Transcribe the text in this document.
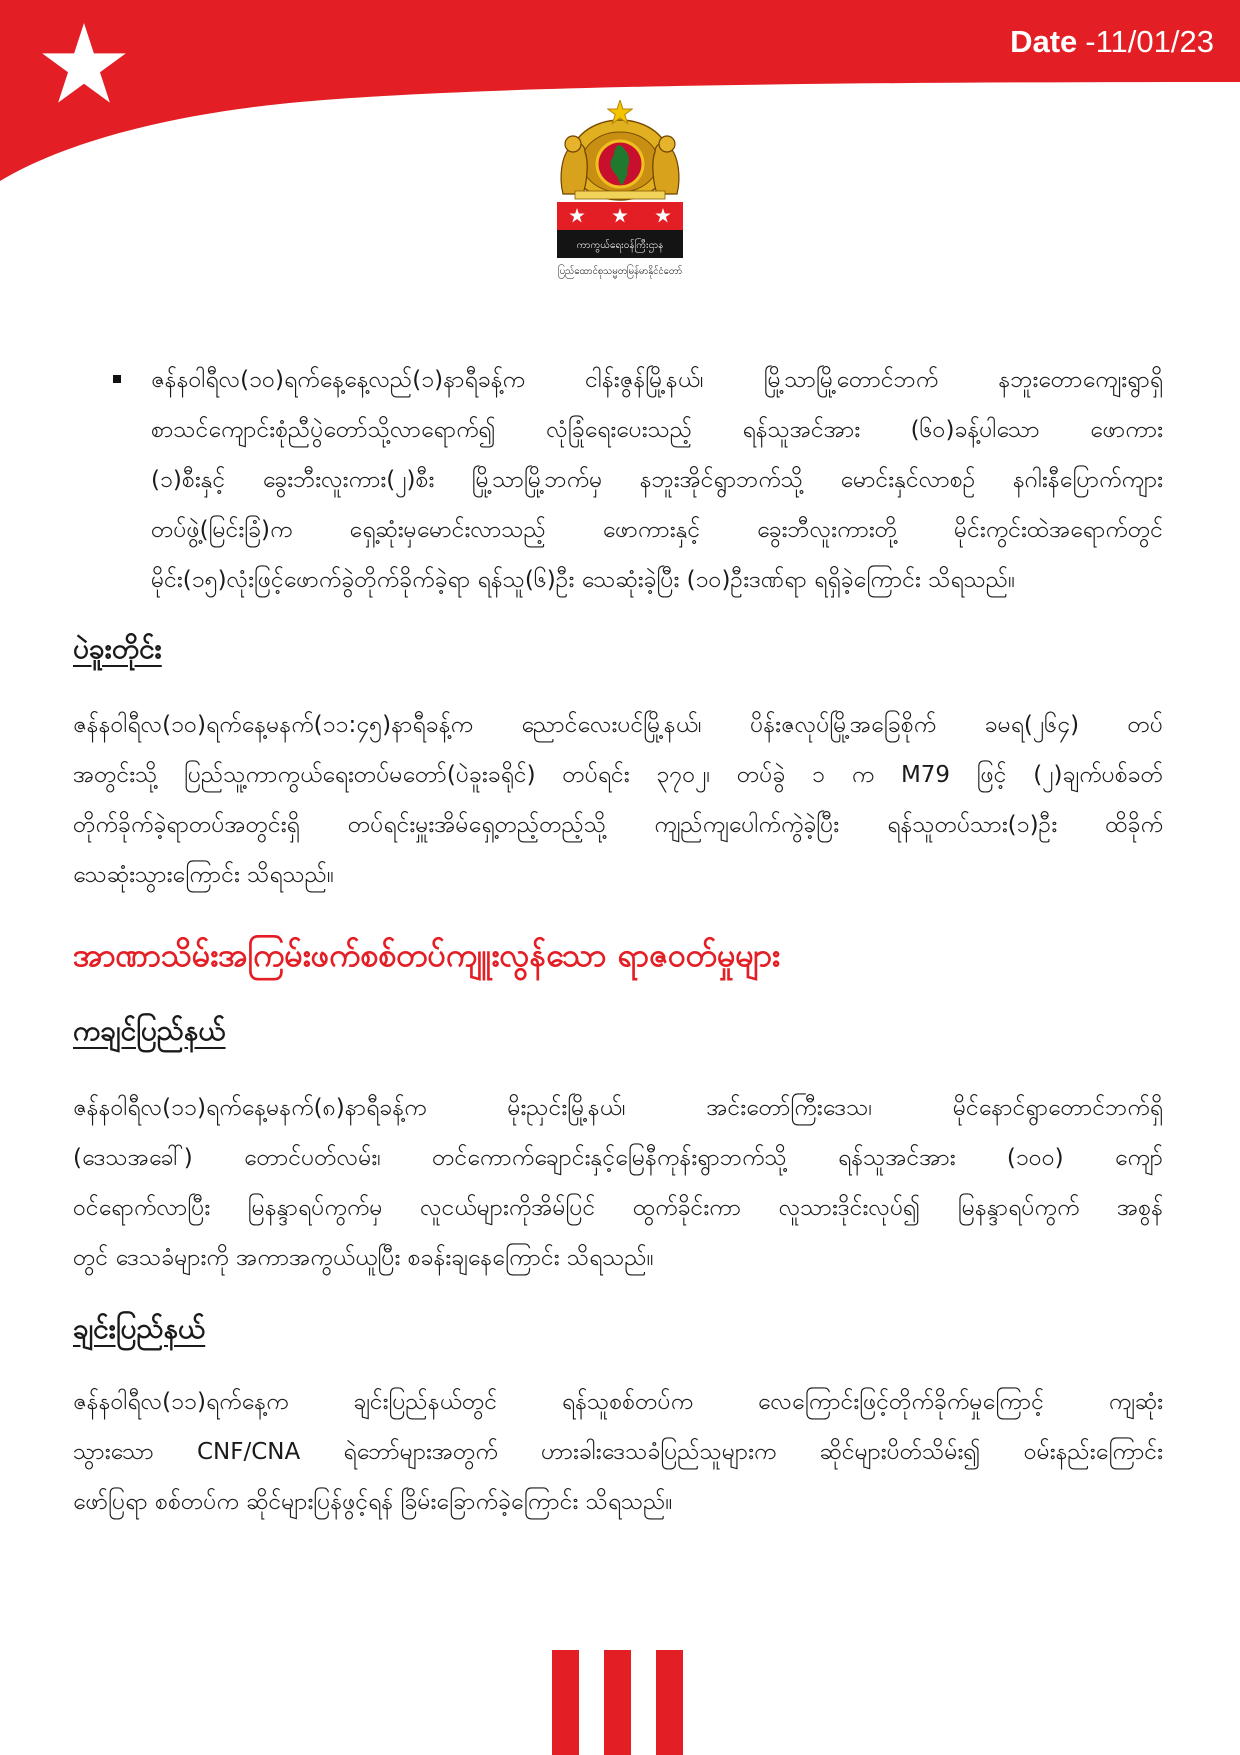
Date -11/01/23
ကာကွယ်ရေးဝန်ကြီးဌာန
ပြည်ထောင်စုသမ္မတမြန်မာနိုင်ငံတော်
ဇန်နဝါရီလ(၁၀)ရက်နေ့နေ့လည်(၁)နာရီခန့်က ငါန်းဇွန်မြို့နယ်၊ မြို့သာမြို့တောင်ဘက် နဘူးတောကျေးရွာရှိ
စာသင်ကျောင်းစုံညီပွဲတော်သို့လာရောက်၍ လုံခြုံရေးပေးသည့် ရန်သူအင်အား (၆၀)ခန့်ပါသော ဖောကား
(၁)စီးနှင့် ခွေးဘီးလူးကား(၂)စီး မြို့သာမြို့ဘက်မှ နဘူးအိုင်ရွာဘက်သို့ မောင်းနှင်လာစဉ် နဂါးနီပြောက်ကျား
တပ်ဖွဲ့(မြင်းခြံ)က ရှေ့ဆုံးမှမောင်းလာသည့် ဖောကားနှင့် ခွေးဘီလူးကားတို့ မိုင်းကွင်းထဲအရောက်တွင်
မိုင်း(၁၅)လုံးဖြင့်ဖောက်ခွဲတိုက်ခိုက်ခဲ့ရာ ရန်သူ(၆)ဦး သေဆုံးခဲ့ပြီး (၁၀)ဦးဒဏ်ရာ ရရှိခဲ့ကြောင်း သိရသည်။
ပဲခူးတိုင်း
ဇန်နဝါရီလ(၁၀)ရက်နေ့မနက်(၁၁:၄၅)နာရီခန့်က ညောင်လေးပင်မြို့နယ်၊ ပိန်းဇလုပ်မြို့အခြေစိုက် ခမရ(၂၆၄) တပ်
အတွင်းသို့ ပြည်သူ့ကာကွယ်ရေးတပ်မတော်(ပဲခူးခရိုင်) တပ်ရင်း ၃၇၀၂၊ တပ်ခွဲ ၁ က M79 ဖြင့် (၂)ချက်ပစ်ခတ်
တိုက်ခိုက်ခဲ့ရာတပ်အတွင်းရှိ တပ်ရင်းမှူးအိမ်ရှေ့တည့်တည့်သို့ ကျည်ကျပေါက်ကွဲခဲ့ပြီး ရန်သူတပ်သား(၁)ဦး ထိခိုက်
သေဆုံးသွားကြောင်း သိရသည်။
အာဏာသိမ်းအကြမ်းဖက်စစ်တပ်ကျူးလွန်သော ရာဇဝတ်မှုများ
ကချင်ပြည်နယ်
ဇန်နဝါရီလ(၁၁)ရက်နေ့မနက်(၈)နာရီခန့်က မိုးညှင်းမြို့နယ်၊ အင်းတော်ကြီးဒေသ၊ မိုင်နောင်ရွာတောင်ဘက်ရှိ
(ဒေသအခေါ်) တောင်ပတ်လမ်း၊ တင်ကောက်ချောင်းနှင့်မြေနီကုန်းရွာဘက်သို့ ရန်သူအင်အား (၁၀၀) ကျော်
ဝင်ရောက်လာပြီး မြနန္ဒာရပ်ကွက်မှ လူငယ်များကိုအိမ်ပြင် ထွက်ခိုင်းကာ လူသားဒိုင်းလုပ်၍ မြနန္ဒာရပ်ကွက် အစွန်
တွင် ဒေသခံများကို အကာအကွယ်ယူပြီး စခန်းချနေကြောင်း သိရသည်။
ချင်းပြည်နယ်
ဇန်နဝါရီလ(၁၁)ရက်နေ့က ချင်းပြည်နယ်တွင် ရန်သူစစ်တပ်က လေကြောင်းဖြင့်တိုက်ခိုက်မှုကြောင့် ကျဆုံး
သွားသော CNF/CNA ရဲဘော်များအတွက် ဟားခါးဒေသခံပြည်သူများက ဆိုင်များပိတ်သိမ်း၍ ဝမ်းနည်းကြောင်း
ဖော်ပြရာ စစ်တပ်က ဆိုင်များပြန်ဖွင့်ရန် ခြိမ်းခြောက်ခဲ့ကြောင်း သိရသည်။
